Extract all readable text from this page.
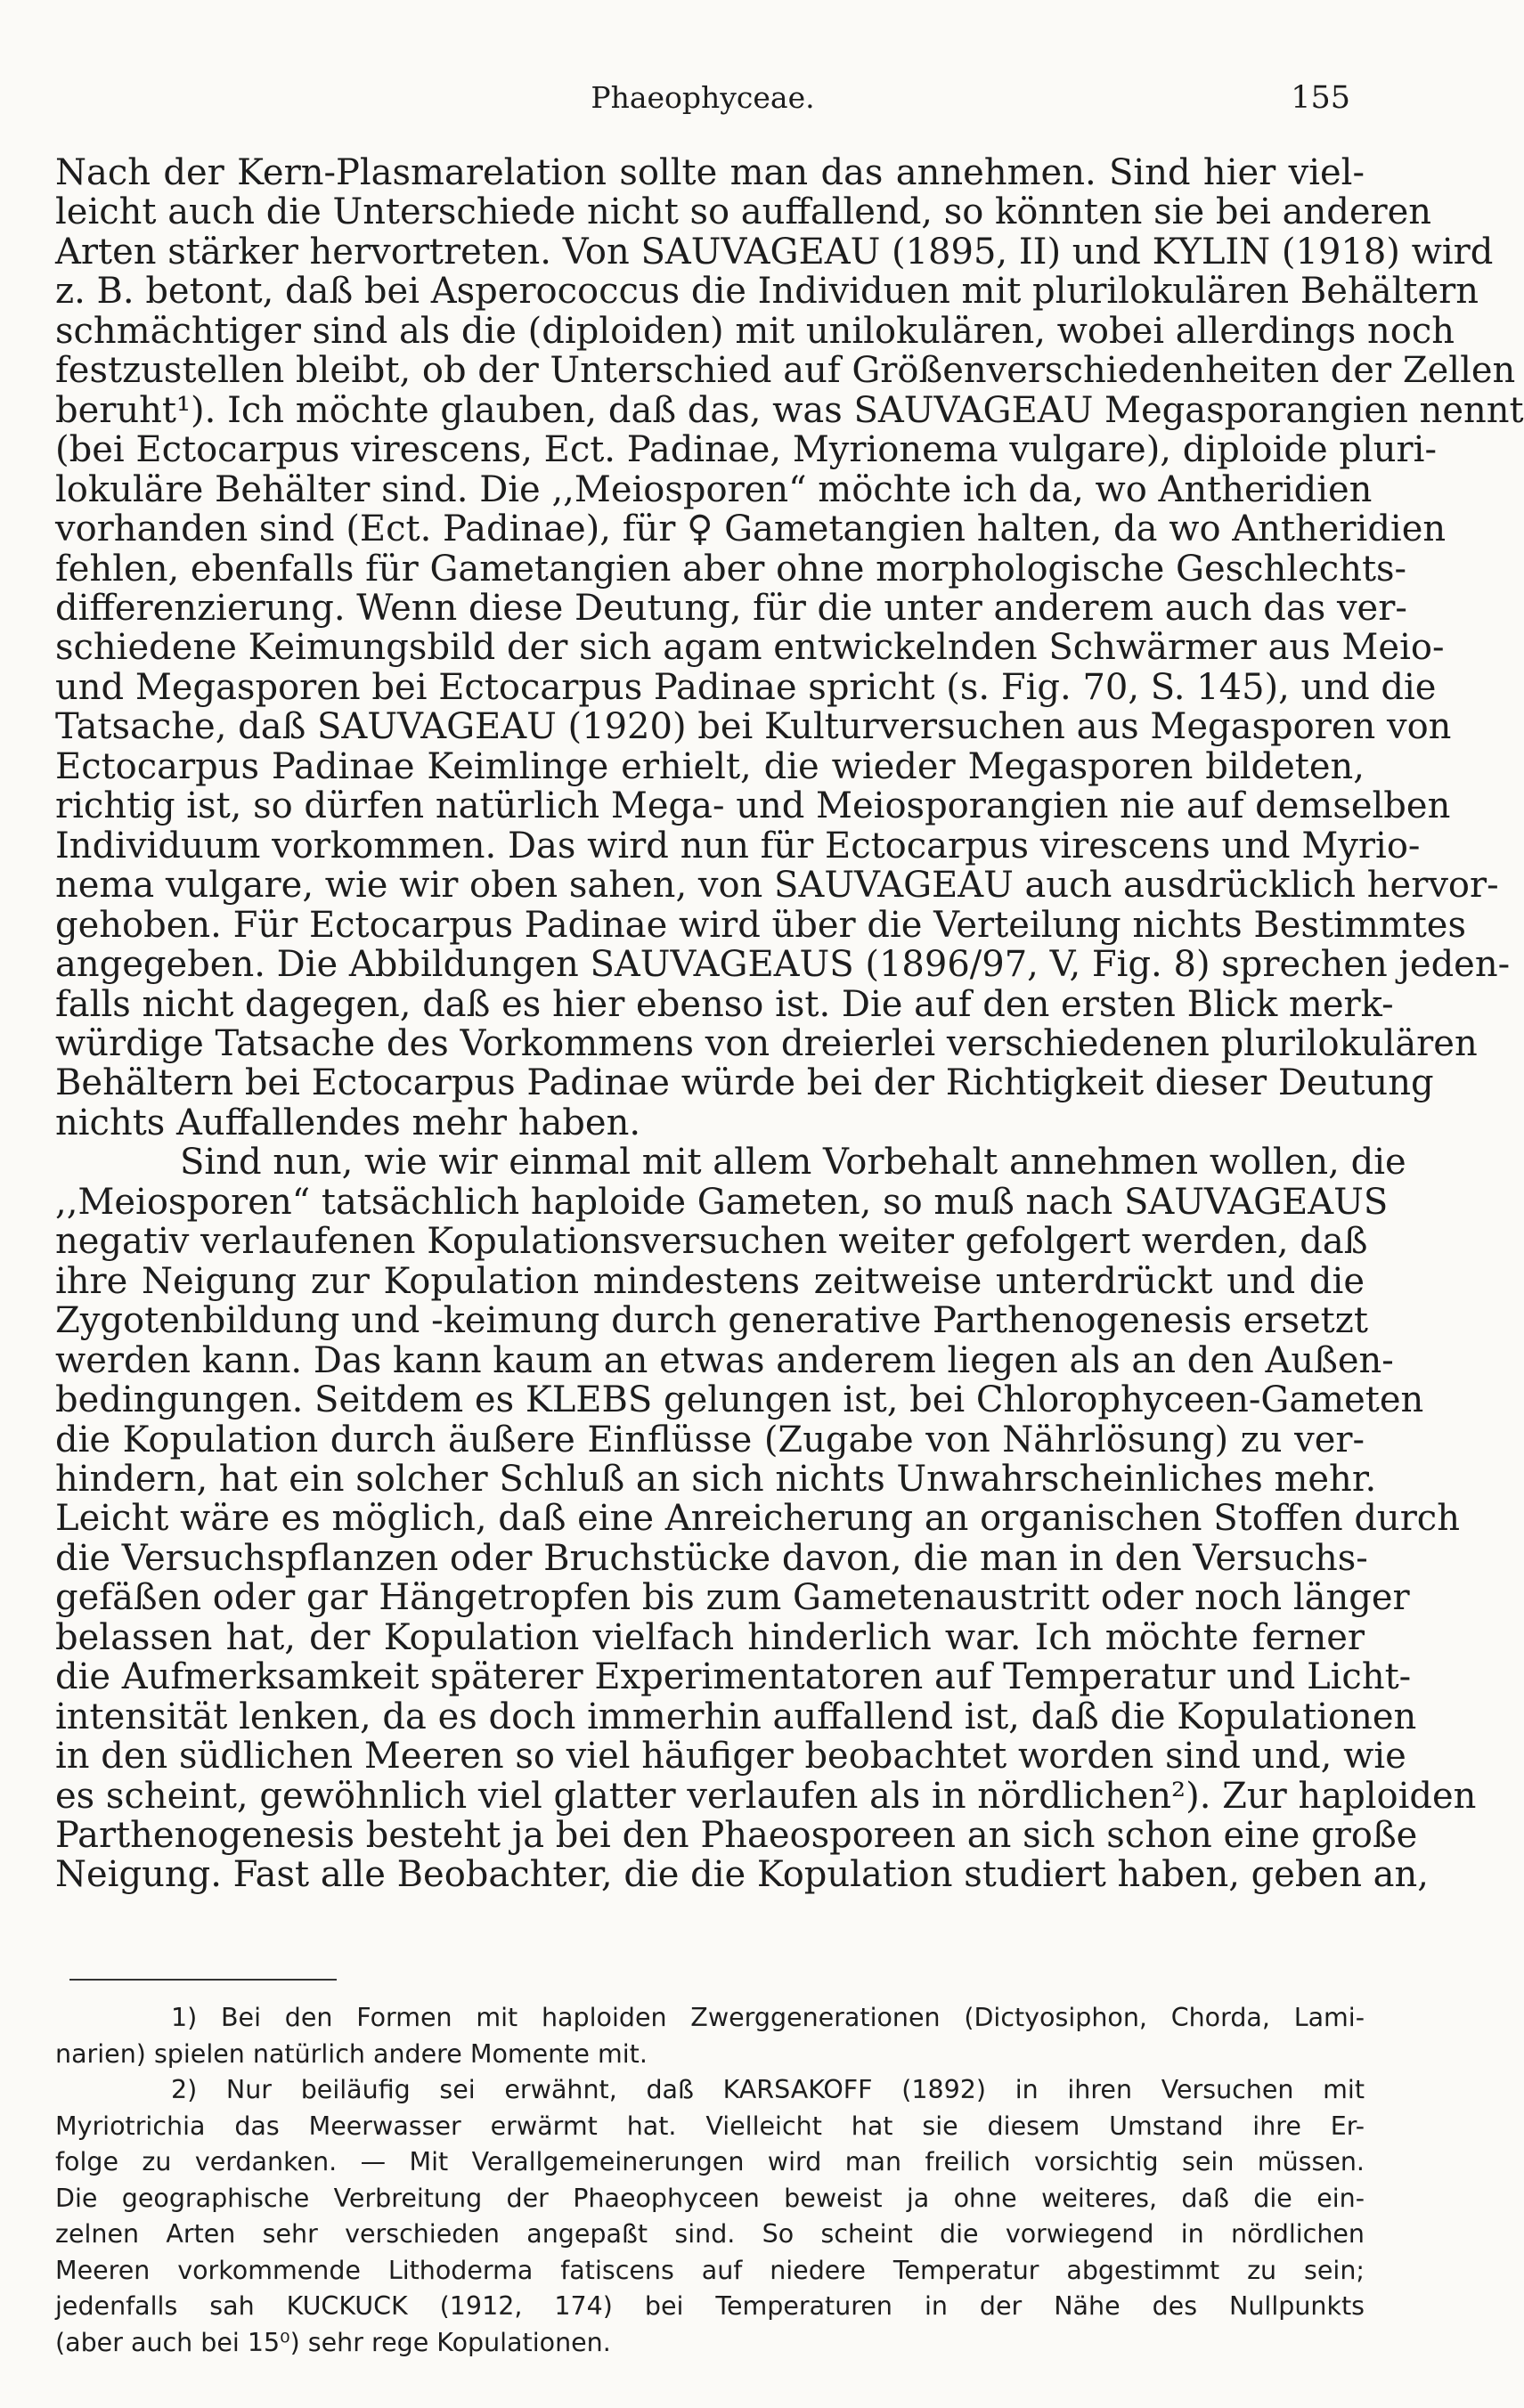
Phaeophyceae.	155
Nach der Kern-Plasmarelation sollte man das annehmen. Sind hier viel-
leicht auch die Unterschiede nicht so auffallend, so könnten sie bei anderen
Arten stärker hervortreten. Von SAUVAGEAU (1895, II) und KYLIN (1918) wird
z. B. betont, daß bei Asperococcus die Individuen mit plurilokulären Behältern
schmächtiger sind als die (diploiden) mit unilokulären, wobei allerdings noch
festzustellen bleibt, ob der Unterschied auf Größenverschiedenheiten der Zellen
beruht¹). Ich möchte glauben, daß das, was SAUVAGEAU Megasporangien nennt
(bei Ectocarpus virescens, Ect. Padinae, Myrionema vulgare), diploide pluri-
lokuläre Behälter sind. Die ,,Meiosporen“ möchte ich da, wo Antheridien
vorhanden sind (Ect. Padinae), für ♀ Gametangien halten, da wo Antheridien
fehlen, ebenfalls für Gametangien aber ohne morphologische Geschlechts-
differenzierung. Wenn diese Deutung, für die unter anderem auch das ver-
schiedene Keimungsbild der sich agam entwickelnden Schwärmer aus Meio-
und Megasporen bei Ectocarpus Padinae spricht (s. Fig. 70, S. 145), und die
Tatsache, daß SAUVAGEAU (1920) bei Kulturversuchen aus Megasporen von
Ectocarpus Padinae Keimlinge erhielt, die wieder Megasporen bildeten,
richtig ist, so dürfen natürlich Mega- und Meiosporangien nie auf demselben
Individuum vorkommen. Das wird nun für Ectocarpus virescens und Myrio-
nema vulgare, wie wir oben sahen, von SAUVAGEAU auch ausdrücklich hervor-
gehoben. Für Ectocarpus Padinae wird über die Verteilung nichts Bestimmtes
angegeben. Die Abbildungen SAUVAGEAUS (1896/97, V, Fig. 8) sprechen jeden-
falls nicht dagegen, daß es hier ebenso ist. Die auf den ersten Blick merk-
würdige Tatsache des Vorkommens von dreierlei verschiedenen plurilokulären
Behältern bei Ectocarpus Padinae würde bei der Richtigkeit dieser Deutung
nichts Auffallendes mehr haben.
Sind nun, wie wir einmal mit allem Vorbehalt annehmen wollen, die
,,Meiosporen“ tatsächlich haploide Gameten, so muß nach SAUVAGEAUS
negativ verlaufenen Kopulationsversuchen weiter gefolgert werden, daß
ihre Neigung zur Kopulation mindestens zeitweise unterdrückt und die
Zygotenbildung und -keimung durch generative Parthenogenesis ersetzt
werden kann. Das kann kaum an etwas anderem liegen als an den Außen-
bedingungen. Seitdem es KLEBS gelungen ist, bei Chlorophyceen-Gameten
die Kopulation durch äußere Einflüsse (Zugabe von Nährlösung) zu ver-
hindern, hat ein solcher Schluß an sich nichts Unwahrscheinliches mehr.
Leicht wäre es möglich, daß eine Anreicherung an organischen Stoffen durch
die Versuchspflanzen oder Bruchstücke davon, die man in den Versuchs-
gefäßen oder gar Hängetropfen bis zum Gametenaustritt oder noch länger
belassen hat, der Kopulation vielfach hinderlich war. Ich möchte ferner
die Aufmerksamkeit späterer Experimentatoren auf Temperatur und Licht-
intensität lenken, da es doch immerhin auffallend ist, daß die Kopulationen
in den südlichen Meeren so viel häufiger beobachtet worden sind und, wie
es scheint, gewöhnlich viel glatter verlaufen als in nördlichen²). Zur haploiden
Parthenogenesis besteht ja bei den Phaeosporeen an sich schon eine große
Neigung. Fast alle Beobachter, die die Kopulation studiert haben, geben an,
1) Bei den Formen mit haploiden Zwerggenerationen (Dictyosiphon, Chorda, Lami-
narien) spielen natürlich andere Momente mit.
2) Nur beiläufig sei erwähnt, daß KARSAKOFF (1892) in ihren Versuchen mit
Myriotrichia das Meerwasser erwärmt hat. Vielleicht hat sie diesem Umstand ihre Er-
folge zu verdanken. — Mit Verallgemeinerungen wird man freilich vorsichtig sein müssen.
Die geographische Verbreitung der Phaeophyceen beweist ja ohne weiteres, daß die ein-
zelnen Arten sehr verschieden angepaßt sind. So scheint die vorwiegend in nördlichen
Meeren vorkommende Lithoderma fatiscens auf niedere Temperatur abgestimmt zu sein;
jedenfalls sah KUCKUCK (1912, 174) bei Temperaturen in der Nähe des Nullpunkts
(aber auch bei 15⁰) sehr rege Kopulationen.
